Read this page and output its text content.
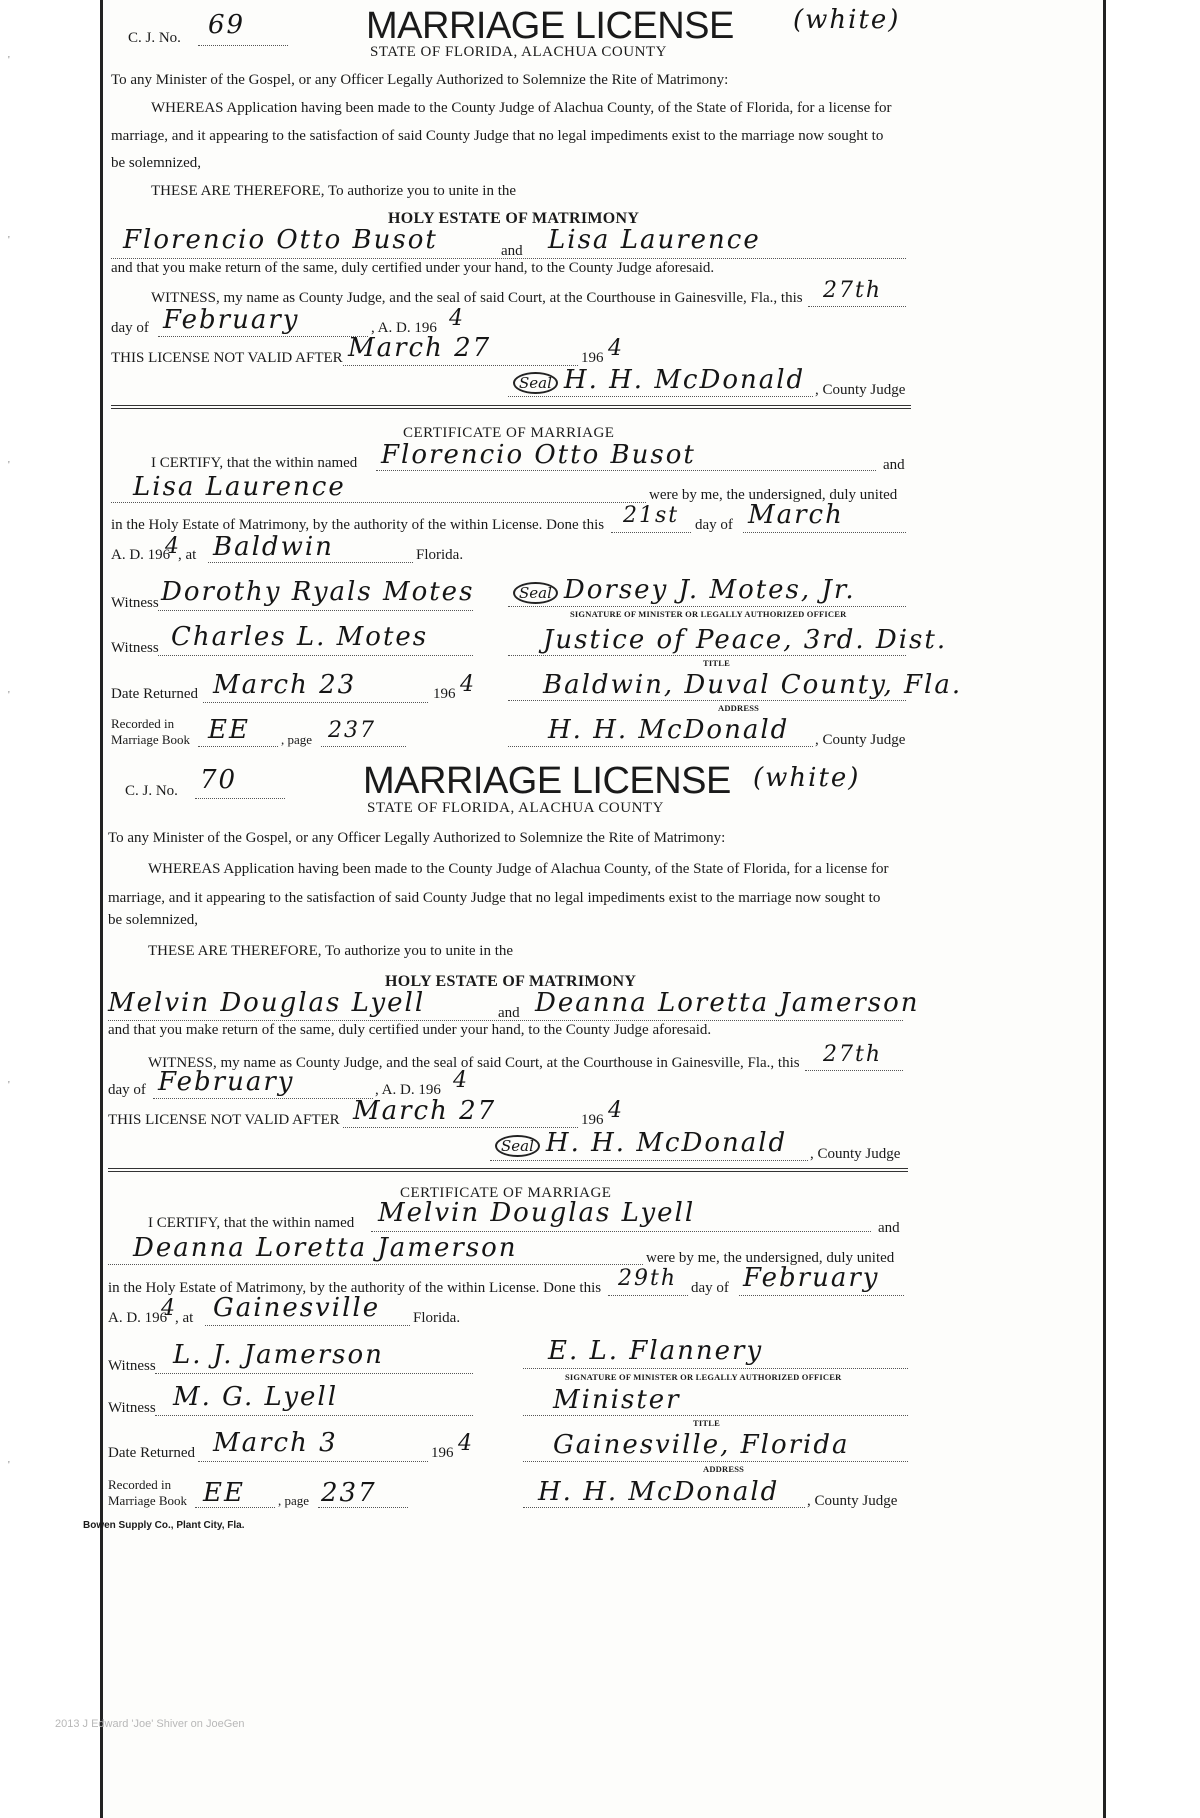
'
'
'
'
'
'
C. J. No. 69	MARRIAGE LICENSE (white)
STATE OF FLORIDA, ALACHUA COUNTY
To any Minister of the Gospel, or any Officer Legally Authorized to Solemnize the Rite of Matrimony:
WHEREAS Application having been made to the County Judge of Alachua County, of the State of Florida, for a license for
marriage, and it appearing to the satisfaction of said County Judge that no legal impediments exist to the marriage now sought to
be solemnized,
THESE ARE THEREFORE, To authorize you to unite in the
HOLY ESTATE OF MATRIMONY
Florencio Otto Busot	and Lisa Laurence
and that you make return of the same, duly certified under your hand, to the County Judge aforesaid.
WITNESS, my name as County Judge, and the seal of said Court, at the Courthouse in Gainesville, Fla., this 27th
day of February	, A. D. 196 4
THIS LICENSE NOT VALID AFTER March 27	196 4
Seal H. H. McDonald , County Judge
CERTIFICATE OF MARRIAGE
I CERTIFY, that the within named Florencio Otto Busot	and
Lisa Laurence	were by me, the undersigned, duly united
in the Holy Estate of Matrimony, by the authority of the within License. Done this 21st day of March
A. D. 196
4
, at Baldwin	Florida.
Witness Dorothy Ryals Motes	Seal Dorsey J. Motes, Jr.
SIGNATURE OF MINISTER OR LEGALLY AUTHORIZED OFFICER
Witness Charles L. Motes	Justice of Peace, 3rd. Dist.
TITLE
Date Returned March 23	196 4	Baldwin, Duval County, Fla.
ADDRESS
Recorded in
Marriage Book EE , page 237	H. H. McDonald , County Judge
C. J. No. 70	MARRIAGE LICENSE (white)
STATE OF FLORIDA, ALACHUA COUNTY
To any Minister of the Gospel, or any Officer Legally Authorized to Solemnize the Rite of Matrimony:
WHEREAS Application having been made to the County Judge of Alachua County, of the State of Florida, for a license for
marriage, and it appearing to the satisfaction of said County Judge that no legal impediments exist to the marriage now sought to
be solemnized,
THESE ARE THEREFORE, To authorize you to unite in the
HOLY ESTATE OF MATRIMONY
Melvin Douglas Lyell	and Deanna Loretta Jamerson
and that you make return of the same, duly certified under your hand, to the County Judge aforesaid.
WITNESS, my name as County Judge, and the seal of said Court, at the Courthouse in Gainesville, Fla., this 27th
day of February	, A. D. 196 4
THIS LICENSE NOT VALID AFTER March 27	196 4
Seal H. H. McDonald , County Judge
CERTIFICATE OF MARRIAGE
I CERTIFY, that the within named Melvin Douglas Lyell	and
Deanna Loretta Jamerson	were by me, the undersigned, duly united
in the Holy Estate of Matrimony, by the authority of the within License. Done this 29th day of February
A. D. 196
4
, at Gainesville Florida.
Witness L. J. Jamerson	E. L. Flannery
SIGNATURE OF MINISTER OR LEGALLY AUTHORIZED OFFICER
Witness M. G. Lyell	Minister
TITLE
Date Returned March 3	196 4	Gainesville, Florida
ADDRESS
Recorded in
Marriage Book EE	, page 237	H. H. McDonald , County Judge
Bowen Supply Co., Plant City, Fla.
2013 J Edward 'Joe' Shiver on JoeGen
